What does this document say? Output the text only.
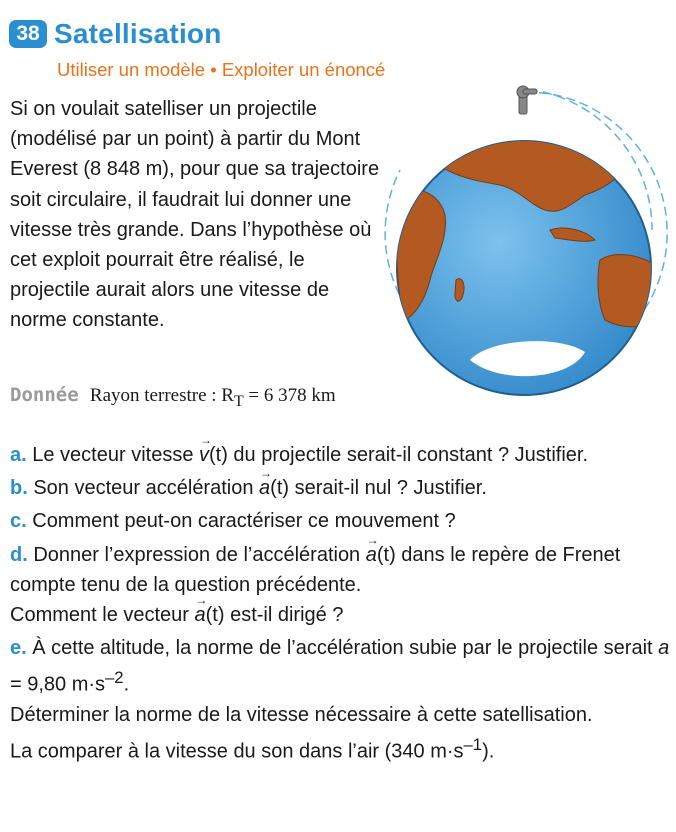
38 Satellisation
Utiliser un modèle • Exploiter un énoncé

Si on voulait satelliser un projectile (modélisé par un point) à partir du Mont Everest (8 848 m), pour que sa trajectoire soit circulaire, il faudrait lui donner une vitesse très grande. Dans l’hypothèse où cet exploit pourrait être réalisé, le projectile aurait alors une vitesse de norme constante.

Donnée Rayon terrestre : $R_T = 6$ 378 km

a. Le vecteur vitesse → v(t) du projectile serait-il constant ? Justifier.

b. Son vecteur accélération → a(t) serait-il nul ? Justifier.

c. Comment peut-on caractériser ce mouvement ?

d. Donner l’expression de l’accélération → a(t) dans le repère de Frenet compte tenu de la question précédente.
Comment le vecteur → a(t) est-il dirigé ?

e. À cette altitude, la norme de l’accélération subie par le projectile serait a = 9,80 $m\cdot s^{-2}$.
Déterminer la norme de la vitesse nécessaire à cette satellisation.
La comparer à la vitesse du son dans l’air (340 $m\cdot s^{-1}$).
